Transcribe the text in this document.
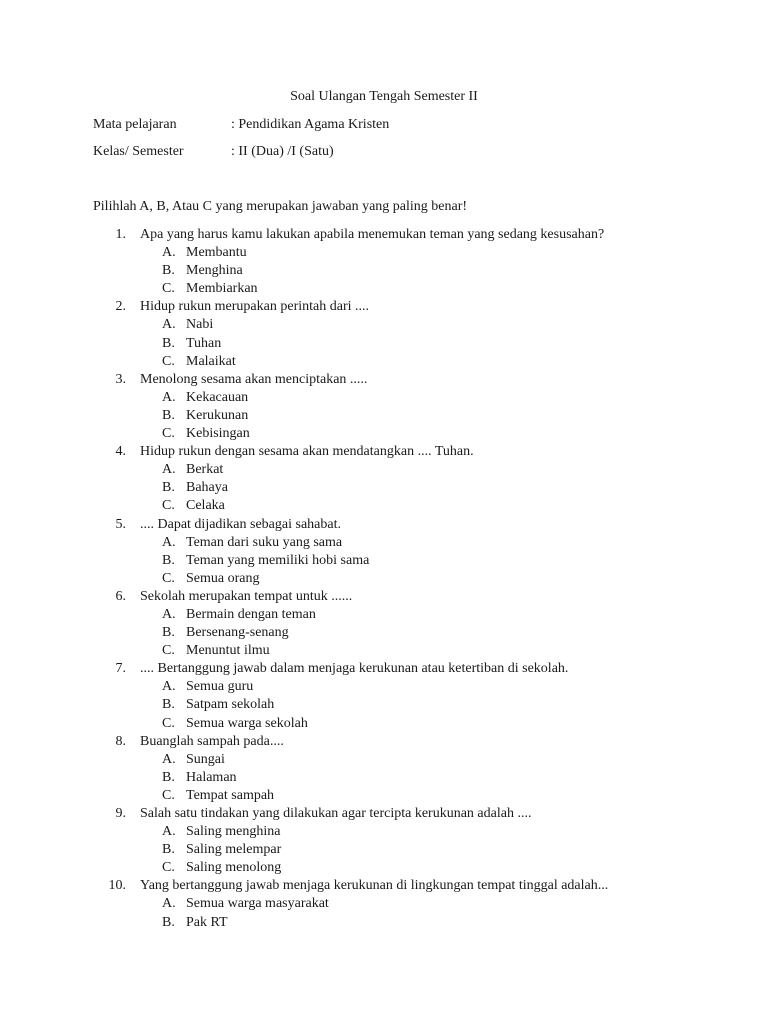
Soal Ulangan Tengah Semester II
Mata pelajaran	: Pendidikan Agama Kristen
Kelas/ Semester	: II (Dua) /I (Satu)
Pilihlah A, B, Atau C yang merupakan jawaban yang paling benar!
1. Apa yang harus kamu lakukan apabila menemukan teman yang sedang kesusahan?
A. Membantu
B. Menghina
C. Membiarkan
2. Hidup rukun merupakan perintah dari ....
A. Nabi
B. Tuhan
C. Malaikat
3. Menolong sesama akan menciptakan .....
A. Kekacauan
B. Kerukunan
C. Kebisingan
4. Hidup rukun dengan sesama akan mendatangkan .... Tuhan.
A. Berkat
B. Bahaya
C. Celaka
5. .... Dapat dijadikan sebagai sahabat.
A. Teman dari suku yang sama
B. Teman yang memiliki hobi sama
C. Semua orang
6. Sekolah merupakan tempat untuk ......
A. Bermain dengan teman
B. Bersenang-senang
C. Menuntut ilmu
7. .... Bertanggung jawab dalam menjaga kerukunan atau ketertiban di sekolah.
A. Semua guru
B. Satpam sekolah
C. Semua warga sekolah
8. Buanglah sampah pada....
A. Sungai
B. Halaman
C. Tempat sampah
9. Salah satu tindakan yang dilakukan agar tercipta kerukunan adalah ....
A. Saling menghina
B. Saling melempar
C. Saling menolong
10. Yang bertanggung jawab menjaga kerukunan di lingkungan tempat tinggal adalah...
A. Semua warga masyarakat
B. Pak RT
